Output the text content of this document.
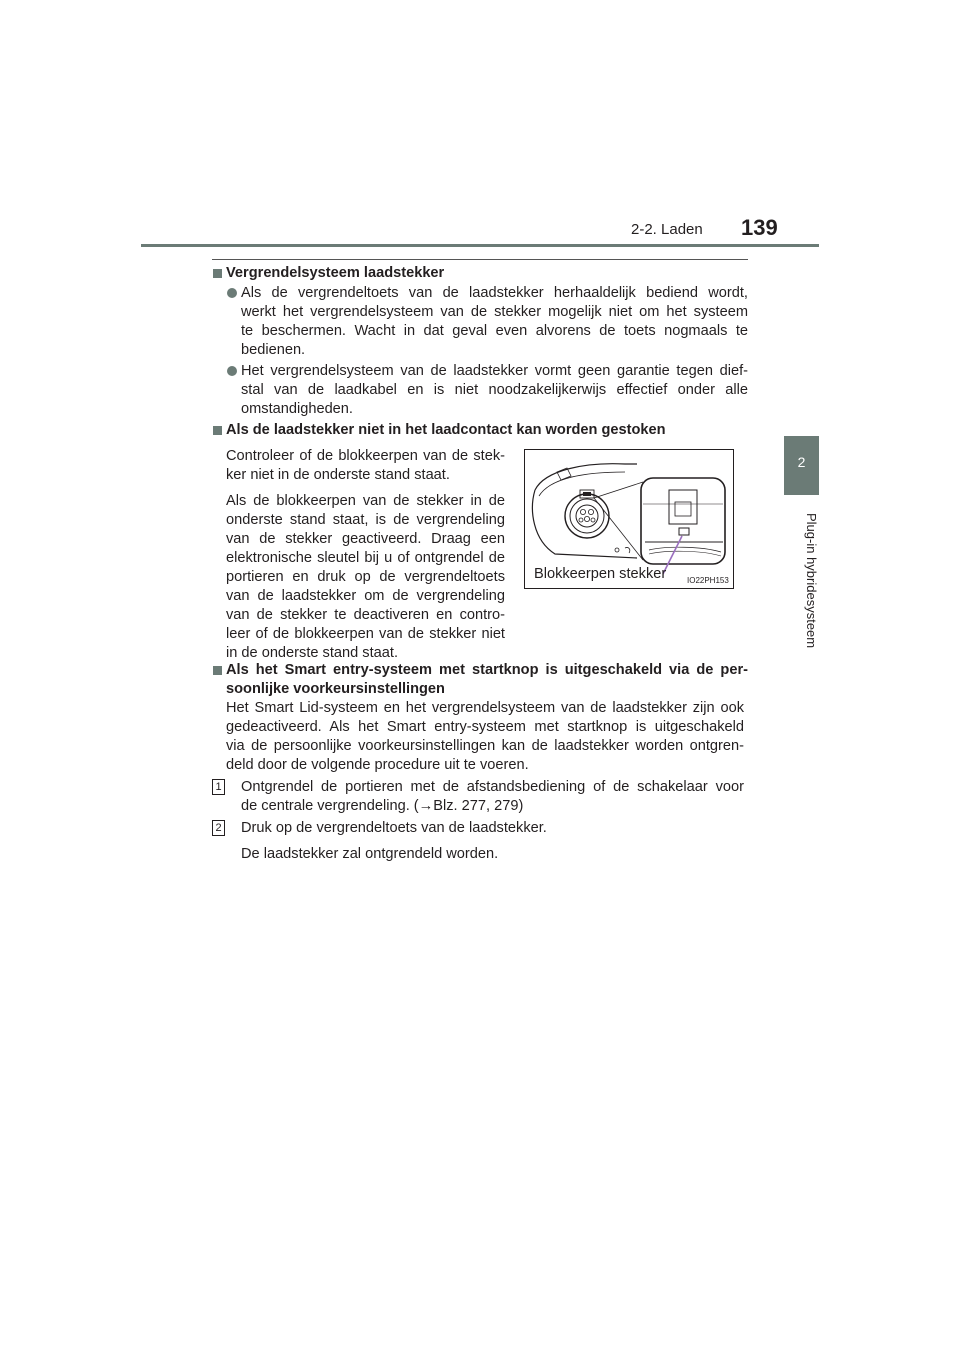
2-2. Laden 139
2
Plug-in hybridesysteem
Vergrendelsysteem laadstekker
Als de vergrendeltoets van de laadstekker herhaaldelijk bediend wordt,
werkt het vergrendelsysteem van de stekker mogelijk niet om het systeem
te beschermen. Wacht in dat geval even alvorens de toets nogmaals te
bedienen.
Het vergrendelsysteem van de laadstekker vormt geen garantie tegen dief-
stal van de laadkabel en is niet noodzakelijkerwijs effectief onder alle
omstandigheden.
Als de laadstekker niet in het laadcontact kan worden gestoken
Controleer of de blokkeerpen van de stek-
ker niet in de onderste stand staat.
Als de blokkeerpen van de stekker in de
onderste stand staat, is de vergrendeling
van de stekker geactiveerd. Draag een
elektronische sleutel bij u of ontgrendel de
portieren en druk op de vergrendeltoets
van de laadstekker om de vergrendeling
van de stekker te deactiveren en contro-
leer of de blokkeerpen van de stekker niet
in de onderste stand staat.
Blokkeerpen stekker	IO22PH153
Als het Smart entry-systeem met startknop is uitgeschakeld via de per-
soonlijke voorkeursinstellingen
Het Smart Lid-systeem en het vergrendelsysteem van de laadstekker zijn ook
gedeactiveerd. Als het Smart entry-systeem met startknop is uitgeschakeld
via de persoonlijke voorkeursinstellingen kan de laadstekker worden ontgren-
deld door de volgende procedure uit te voeren.
1 Ontgrendel de portieren met de afstandsbediening of de schakelaar voor
de centrale vergrendeling. (→Blz. 277, 279)
2 Druk op de vergrendeltoets van de laadstekker.
De laadstekker zal ontgrendeld worden.
